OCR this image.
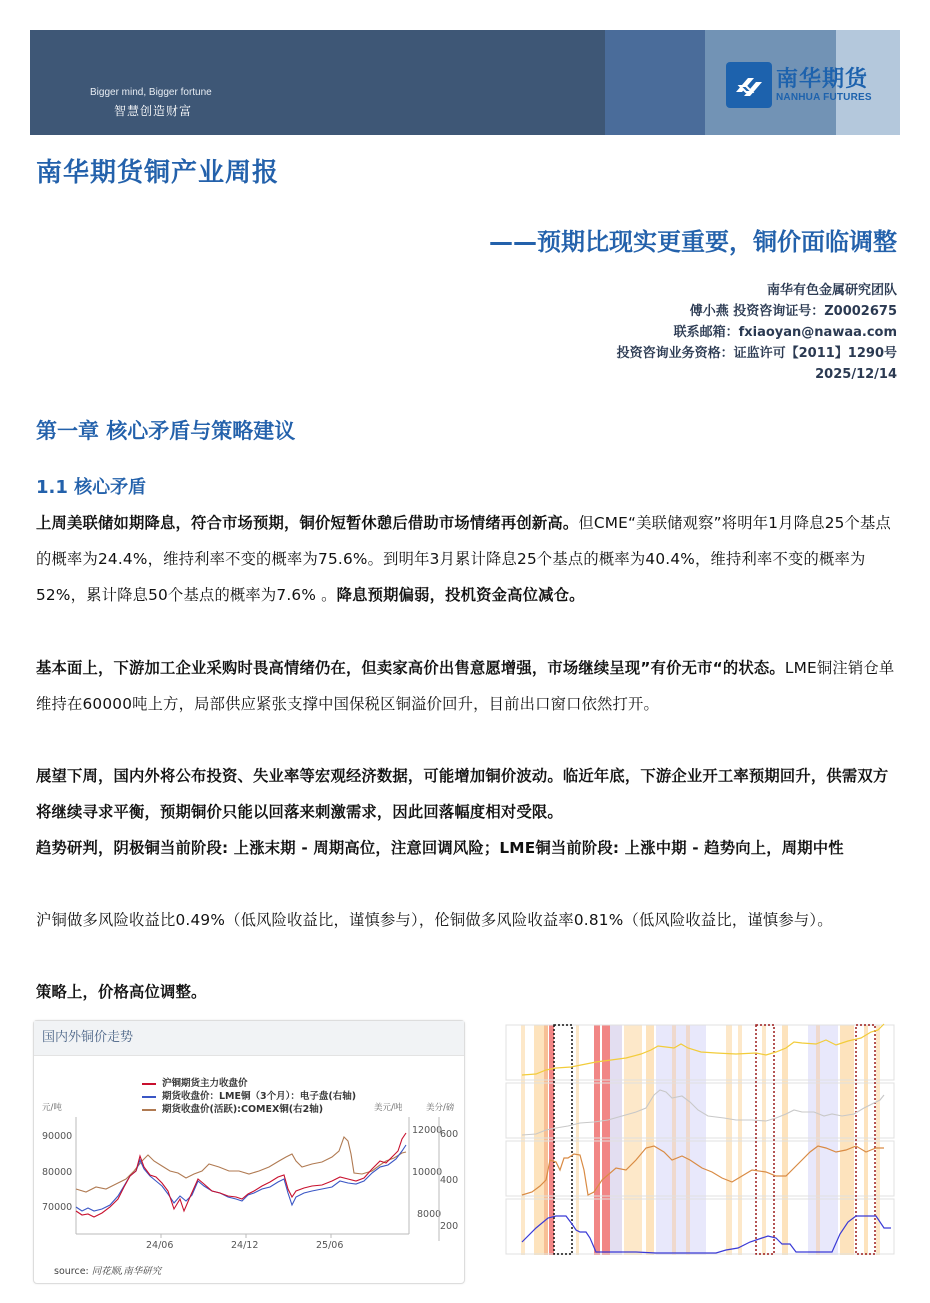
Bigger mind, Bigger fortune
智慧创造财富
南华期货
NANHUA FUTURES
南华期货铜产业周报
——预期比现实更重要，铜价面临调整
南华有色金属研究团队
傅小燕 投资咨询证号：Z0002675
联系邮箱：fxiaoyan@nawaa.com
投资咨询业务资格：证监许可【2011】1290号
2025/12/14
第一章 核心矛盾与策略建议
1.1 核心矛盾
上周美联储如期降息，符合市场预期，铜价短暂休憩后借助市场情绪再创新高。但CME“美联储观察”将明年1月降息25个基点的概率为24.4%，维持利率不变的概率为75.6%。到明年3月累计降息25个基点的概率为40.4%，维持利率不变的概率为52%，累计降息50个基点的概率为7.6% 。降息预期偏弱，投机资金高位减仓。
基本面上，下游加工企业采购时畏高情绪仍在，但卖家高价出售意愿增强，市场继续呈现”有价无市“的状态。LME铜注销仓单维持在60000吨上方，局部供应紧张支撑中国保税区铜溢价回升，目前出口窗口依然打开。
展望下周，国内外将公布投资、失业率等宏观经济数据，可能增加铜价波动。临近年底，下游企业开工率预期回升，供需双方将继续寻求平衡，预期铜价只能以回落来刺激需求，因此回落幅度相对受限。
趋势研判，阴极铜当前阶段: 上涨末期 - 周期高位，注意回调风险；LME铜当前阶段: 上涨中期 - 趋势向上，周期中性
沪铜做多风险收益比0.49%（低风险收益比，谨慎参与），伦铜做多风险收益率0.81%（低风险收益比，谨慎参与）。
策略上，价格高位调整。
国内外铜价走势
沪铜期货主力收盘价
期货收盘价：LME铜（3个月）：电子盘(右轴)
期货收盘价(活跃):COMEX铜(右2轴)
元/吨	美元/吨	美分/磅
90000
80000
70000
12000
10000
8000
600
400
200
24/06	24/12	25/06
source: 同花顺,南华研究
